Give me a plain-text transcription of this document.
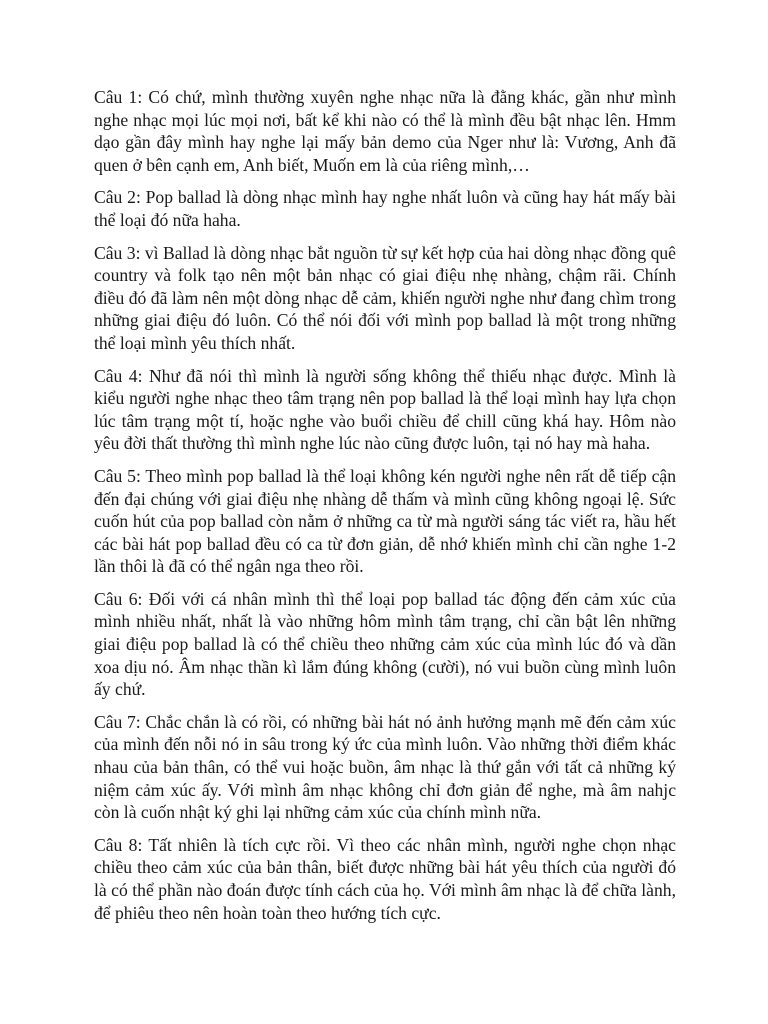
Câu 1: Có chứ, mình thường xuyên nghe nhạc nữa là đằng khác, gần như mình nghe nhạc mọi lúc mọi nơi, bất kể khi nào có thể là mình đều bật nhạc lên. Hmm dạo gần đây mình hay nghe lại mấy bản demo của Nger như là: Vương, Anh đã quen ở bên cạnh em, Anh biết, Muốn em là của riêng mình,…

Câu 2: Pop ballad là dòng nhạc mình hay nghe nhất luôn và cũng hay hát mấy bài thể loại đó nữa haha.

Câu 3: vì Ballad là dòng nhạc bắt nguồn từ sự kết hợp của hai dòng nhạc đồng quê country và folk tạo nên một bản nhạc có giai điệu nhẹ nhàng, chậm rãi. Chính điều đó đã làm nên một dòng nhạc dễ cảm, khiến người nghe như đang chìm trong những giai điệu đó luôn. Có thể nói đối với mình pop ballad là một trong những thể loại mình yêu thích nhất.

Câu 4: Như đã nói thì mình là người sống không thể thiếu nhạc được. Mình là kiểu người nghe nhạc theo tâm trạng nên pop ballad là thể loại mình hay lựa chọn lúc tâm trạng một tí, hoặc nghe vào buổi chiều để chill cũng khá hay. Hôm nào yêu đời thất thường thì mình nghe lúc nào cũng được luôn, tại nó hay mà haha.

Câu 5: Theo mình pop ballad là thể loại không kén người nghe nên rất dễ tiếp cận đến đại chúng với giai điệu nhẹ nhàng dễ thấm và mình cũng không ngoại lệ. Sức cuốn hút của pop ballad còn nằm ở những ca từ mà người sáng tác viết ra, hầu hết các bài hát pop ballad đều có ca từ đơn giản, dễ nhớ khiến mình chỉ cần nghe 1-2 lần thôi là đã có thể ngân nga theo rồi.

Câu 6: Đối với cá nhân mình thì thể loại pop ballad tác động đến cảm xúc của mình nhiều nhất, nhất là vào những hôm mình tâm trạng, chỉ cần bật lên những giai điệu pop ballad là có thể chiều theo những cảm xúc của mình lúc đó và dần xoa dịu nó. Âm nhạc thần kì lắm đúng không (cười), nó vui buồn cùng mình luôn ấy chứ.

Câu 7: Chắc chắn là có rồi, có những bài hát nó ảnh hưởng mạnh mẽ đến cảm xúc của mình đến nỗi nó in sâu trong ký ức của mình luôn. Vào những thời điểm khác nhau của bản thân, có thể vui hoặc buồn, âm nhạc là thứ gắn với tất cả những ký niệm cảm xúc ấy. Với mình âm nhạc không chỉ đơn giản để nghe, mà âm nahjc còn là cuốn nhật ký ghi lại những cảm xúc của chính mình nữa.

Câu 8: Tất nhiên là tích cực rồi. Vì theo các nhân mình, người nghe chọn nhạc chiều theo cảm xúc của bản thân, biết được những bài hát yêu thích của người đó là có thể phần nào đoán được tính cách của họ. Với mình âm nhạc là để chữa lành, để phiêu theo nên hoàn toàn theo hướng tích cực.
